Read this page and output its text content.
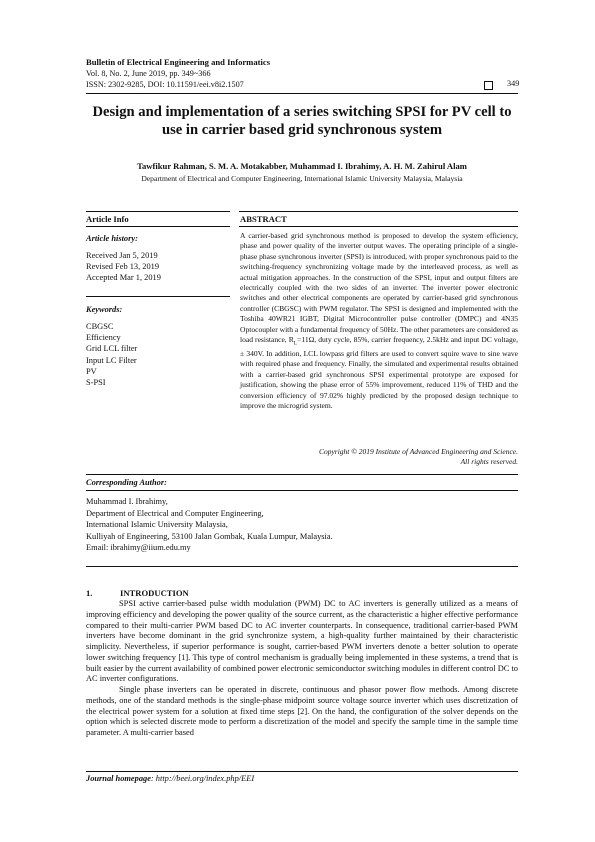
Bulletin of Electrical Engineering and Informatics
Vol. 8, No. 2, June 2019, pp. 349~366
ISSN: 2302-9285, DOI: 10.11591/eei.v8i2.1507	349
Design and implementation of a series switching SPSI for PV cell to use in carrier based grid synchronous system
Tawfikur Rahman, S. M. A. Motakabber, Muhammad I. Ibrahimy, A. H. M. Zahirul Alam
Department of Electrical and Computer Engineering, International Islamic University Malaysia, Malaysia
Article Info	ABSTRACT
Article history:
Received Jan 5, 2019
Revised Feb 13, 2019
Accepted Mar 1, 2019
Keywords:
CBGSC
Efficiency
Grid LCL filter
Input LC Filter
PV
S-PSI
A carrier-based grid synchronous method is proposed to develop the system efficiency, phase and power quality of the inverter output waves. The operating principle of a single-phase phase synchronous inverter (SPSI) is introduced, with proper synchronous paid to the switching-frequency synchronizing voltage made by the interleaved process, as well as actual mitigation approaches. In the construction of the SPSI, input and output filters are electrically coupled with the two sides of an inverter. The inverter power electronic switches and other electrical components are operated by carrier-based grid synchronous controller (CBGSC) with PWM regulator. The SPSI is designed and implemented with the Toshiba 40WR21 IGBT, Digital Microcontroller pulse controller (DMPC) and 4N35 Optocoupler with a fundamental frequency of 50Hz. The other parameters are considered as load resistance, $R_L=11\Omega$, duty cycle, 85%, carrier frequency, 2.5kHz and input DC voltage, ± 340V. In addition, LCL lowpass grid filters are used to convert squire wave to sine wave with required phase and frequency. Finally, the simulated and experimental results obtained with a carrier-based grid synchronous SPSI experimental prototype are exposed for justification, showing the phase error of 55% improvement, reduced 11% of THD and the conversion efficiency of 97.02% highly predicted by the proposed design technique to improve the microgrid system.
Copyright © 2019 Institute of Advanced Engineering and Science.
All rights reserved.
Corresponding Author:
Muhammad I. Ibrahimy,
Department of Electrical and Computer Engineering,
International Islamic University Malaysia,
Kulliyah of Engineering, 53100 Jalan Gombak, Kuala Lumpur, Malaysia.
Email: ibrahimy@iium.edu.my
1.	INTRODUCTION

SPSI active carrier-based pulse width modulation (PWM) DC to AC inverters is generally utilized as a means of improving efficiency and developing the power quality of the source current, as the characteristic a higher effective performance compared to their multi-carrier PWM based DC to AC inverter counterparts. In consequence, traditional carrier-based PWM inverters have become dominant in the grid synchronize system, a high-quality further maintained by their characteristic simplicity. Nevertheless, if superior performance is sought, carrier-based PWM inverters denote a better solution to operate lower switching frequency [1]. This type of control mechanism is gradually being implemented in these systems, a trend that is built easier by the current availability of combined power electronic semiconductor switching modules in different control DC to AC inverter configurations.

Single phase inverters can be operated in discrete, continuous and phasor power flow methods. Among discrete methods, one of the standard methods is the single-phase midpoint source voltage source inverter which uses discretization of the electrical power system for a solution at fixed time steps [2]. On the hand, the configuration of the solver depends on the option which is selected discrete mode to perform a discretization of the model and specify the sample time in the sample time parameter. A multi-carrier based

Journal homepage: http://beei.org/index.php/EEI
